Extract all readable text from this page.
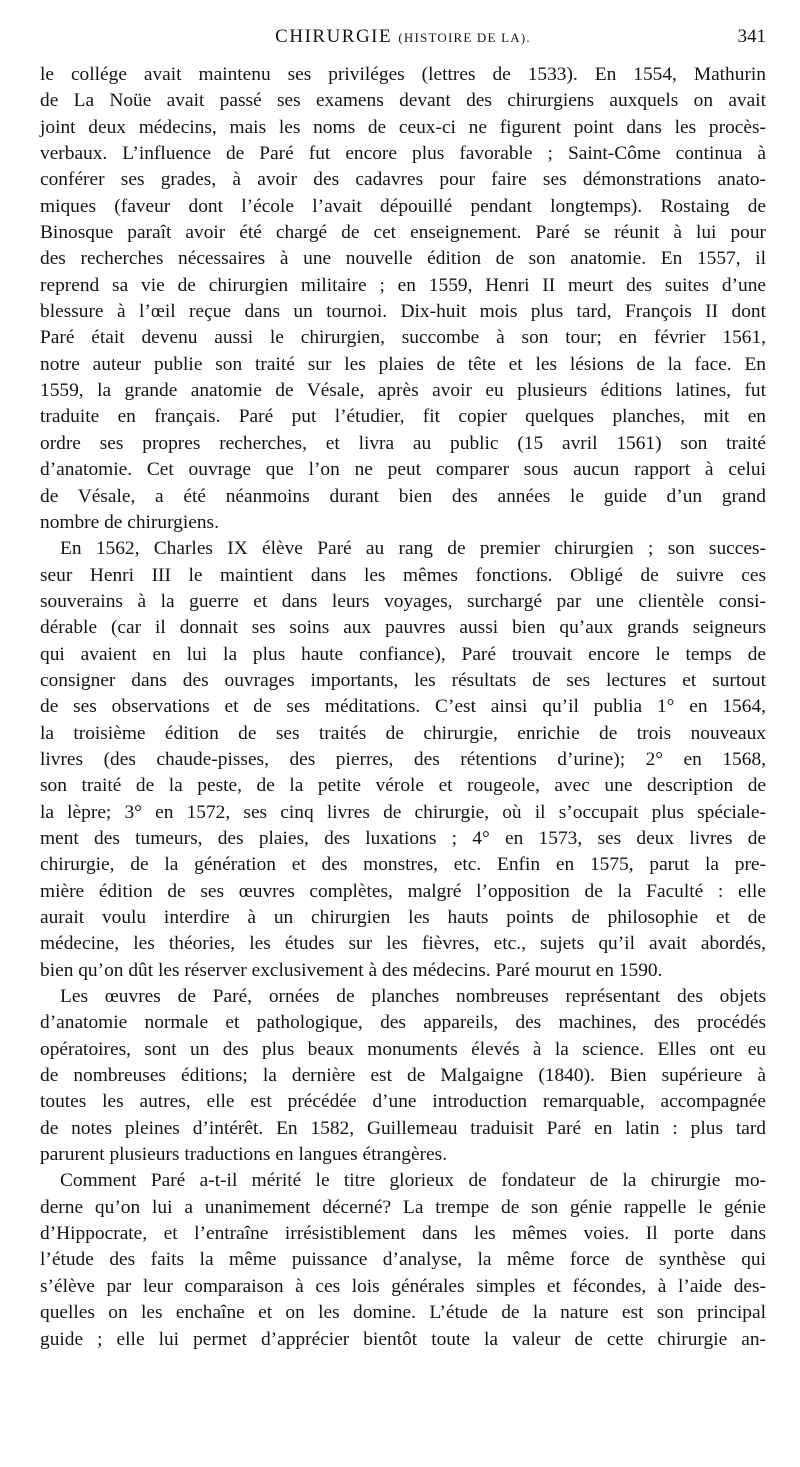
CHIRURGIE (HISTOIRE DE LA).	341
le collége avait maintenu ses priviléges (lettres de 1533). En 1554, Mathurin
de La Noüe avait passé ses examens devant des chirurgiens auxquels on avait
joint deux médecins, mais les noms de ceux-ci ne figurent point dans les procès-
verbaux. L’influence de Paré fut encore plus favorable ; Saint-Côme continua à
conférer ses grades, à avoir des cadavres pour faire ses démonstrations anato-
miques (faveur dont l’école l’avait dépouillé pendant longtemps). Rostaing de
Binosque paraît avoir été chargé de cet enseignement. Paré se réunit à lui pour
des recherches nécessaires à une nouvelle édition de son anatomie. En 1557, il
reprend sa vie de chirurgien militaire ; en 1559, Henri II meurt des suites d’une
blessure à l’œil reçue dans un tournoi. Dix-huit mois plus tard, François II dont
Paré était devenu aussi le chirurgien, succombe à son tour; en février 1561,
notre auteur publie son traité sur les plaies de tête et les lésions de la face. En
1559, la grande anatomie de Vésale, après avoir eu plusieurs éditions latines, fut
traduite en français. Paré put l’étudier, fit copier quelques planches, mit en
ordre ses propres recherches, et livra au public (15 avril 1561) son traité
d’anatomie. Cet ouvrage que l’on ne peut comparer sous aucun rapport à celui
de Vésale, a été néanmoins durant bien des années le guide d’un grand
nombre de chirurgiens.
En 1562, Charles IX élève Paré au rang de premier chirurgien ; son succes-
seur Henri III le maintient dans les mêmes fonctions. Obligé de suivre ces
souverains à la guerre et dans leurs voyages, surchargé par une clientèle consi-
dérable (car il donnait ses soins aux pauvres aussi bien qu’aux grands seigneurs
qui avaient en lui la plus haute confiance), Paré trouvait encore le temps de
consigner dans des ouvrages importants, les résultats de ses lectures et surtout
de ses observations et de ses méditations. C’est ainsi qu’il publia 1° en 1564,
la troisième édition de ses traités de chirurgie, enrichie de trois nouveaux
livres (des chaude-pisses, des pierres, des rétentions d’urine); 2° en 1568,
son traité de la peste, de la petite vérole et rougeole, avec une description de
la lèpre; 3° en 1572, ses cinq livres de chirurgie, où il s’occupait plus spéciale-
ment des tumeurs, des plaies, des luxations ; 4° en 1573, ses deux livres de
chirurgie, de la génération et des monstres, etc. Enfin en 1575, parut la pre-
mière édition de ses œuvres complètes, malgré l’opposition de la Faculté : elle
aurait voulu interdire à un chirurgien les hauts points de philosophie et de
médecine, les théories, les études sur les fièvres, etc., sujets qu’il avait abordés,
bien qu’on dût les réserver exclusivement à des médecins. Paré mourut en 1590.
Les œuvres de Paré, ornées de planches nombreuses représentant des objets
d’anatomie normale et pathologique, des appareils, des machines, des procédés
opératoires, sont un des plus beaux monuments élevés à la science. Elles ont eu
de nombreuses éditions; la dernière est de Malgaigne (1840). Bien supérieure à
toutes les autres, elle est précédée d’une introduction remarquable, accompagnée
de notes pleines d’intérêt. En 1582, Guillemeau traduisit Paré en latin : plus tard
parurent plusieurs traductions en langues étrangères.
Comment Paré a-t-il mérité le titre glorieux de fondateur de la chirurgie mo-
derne qu’on lui a unanimement décerné? La trempe de son génie rappelle le génie
d’Hippocrate, et l’entraîne irrésistiblement dans les mêmes voies. Il porte dans
l’étude des faits la même puissance d’analyse, la même force de synthèse qui
s’élève par leur comparaison à ces lois générales simples et fécondes, à l’aide des-
quelles on les enchaîne et on les domine. L’étude de la nature est son principal
guide ; elle lui permet d’apprécier bientôt toute la valeur de cette chirurgie an-
